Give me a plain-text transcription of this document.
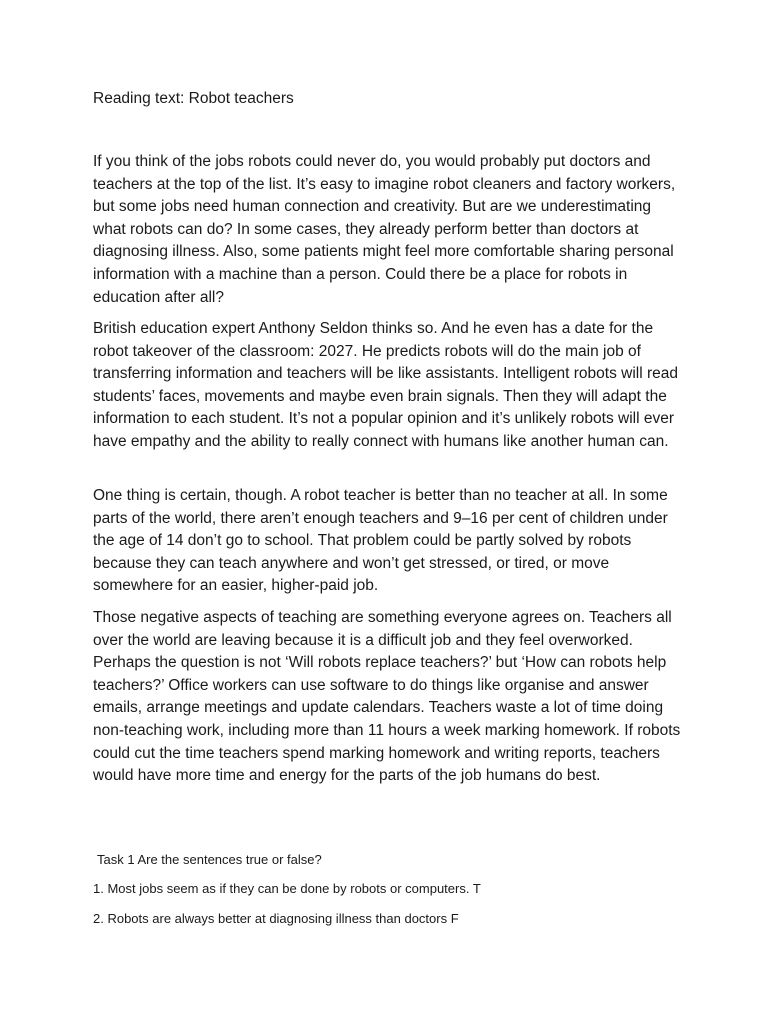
Reading text: Robot teachers

If you think of the jobs robots could never do, you would probably put doctors and teachers at the top of the list. It’s easy to imagine robot cleaners and factory workers, but some jobs need human connection and creativity. But are we underestimating what robots can do? In some cases, they already perform better than doctors at diagnosing illness. Also, some patients might feel more comfortable sharing personal information with a machine than a person. Could there be a place for robots in education after all?

British education expert Anthony Seldon thinks so. And he even has a date for the robot takeover of the classroom: 2027. He predicts robots will do the main job of transferring information and teachers will be like assistants. Intelligent robots will read students’ faces, movements and maybe even brain signals. Then they will adapt the information to each student. It’s not a popular opinion and it’s unlikely robots will ever have empathy and the ability to really connect with humans like another human can.

One thing is certain, though. A robot teacher is better than no teacher at all. In some parts of the world, there aren’t enough teachers and 9–16 per cent of children under the age of 14 don’t go to school. That problem could be partly solved by robots because they can teach anywhere and won’t get stressed, or tired, or move somewhere for an easier, higher-paid job.

Those negative aspects of teaching are something everyone agrees on. Teachers all over the world are leaving because it is a difficult job and they feel overworked. Perhaps the question is not ‘Will robots replace teachers?’ but ‘How can robots help teachers?’ Office workers can use software to do things like organise and answer emails, arrange meetings and update calendars. Teachers waste a lot of time doing non-teaching work, including more than 11 hours a week marking homework. If robots could cut the time teachers spend marking homework and writing reports, teachers would have more time and energy for the parts of the job humans do best.

Task 1 Are the sentences true or false?

1. Most jobs seem as if they can be done by robots or computers. T

2. Robots are always better at diagnosing illness than doctors F
